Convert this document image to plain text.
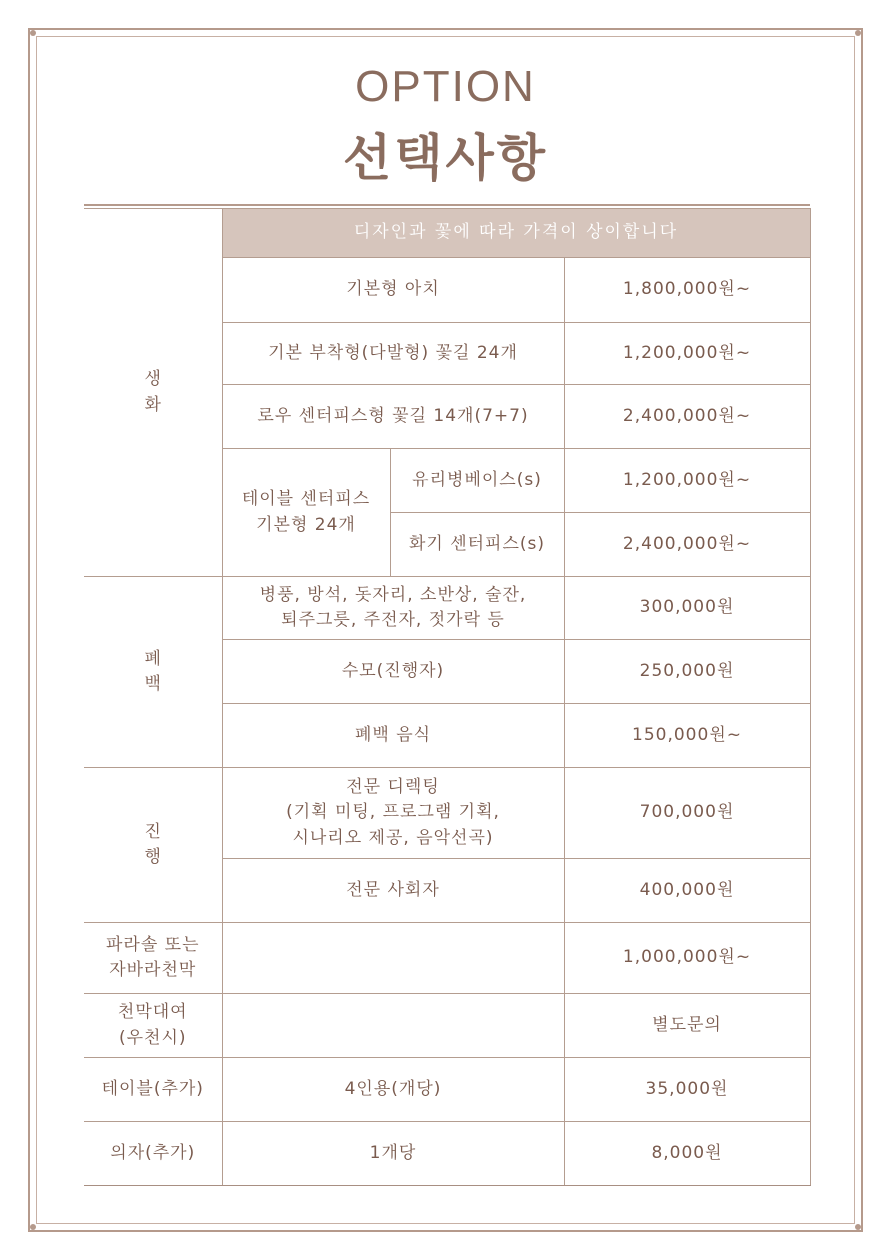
OPTION
선택사항
생 화	디자인과 꽃에 따라 가격이 상이합니다		
	기본형 아치		1,800,000원~
	기본 부착형(다발형) 꽃길 24개		1,200,000원~
	로우 센터피스형 꽃길 14개(7+7)		2,400,000원~

	테이블 센터피스
기본형 24개	유리병베이스(s)	1,200,000원~
		화기 센터피스(s)	2,400,000원~
폐 백	병풍, 방석, 돗자리, 소반상, 술잔,
퇴주그릇, 주전자, 젓가락 등		300,000원
	수모(진행자)		250,000원
	폐백 음식		150,000원~
진 행	전문 디렉팅
(기획 미팅, 프로그램 기획,
시나리오 제공, 음악선곡)		700,000원
	전문 사회자		400,000원

파라솔 또는
자바라천막			1,000,000원~

천막대여
(우천시)			별도문의
테이블(추가)	4인용(개당)		35,000원
의자(추가)	1개당		8,000원
